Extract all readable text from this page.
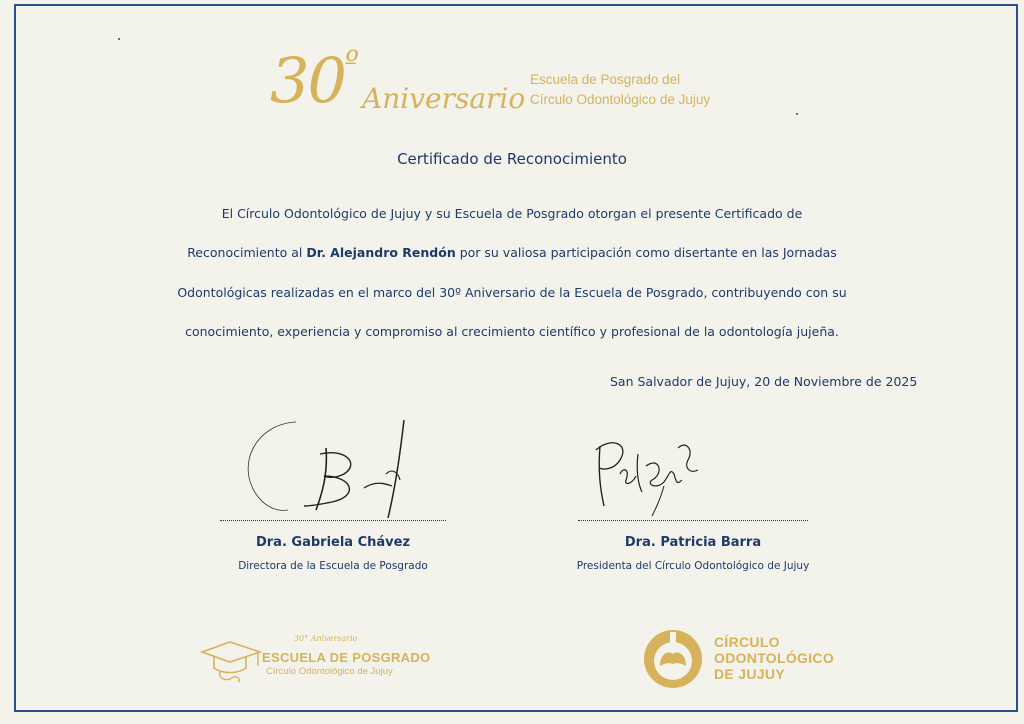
$30^º$
Aniversario
Escuela de Posgrado del
Círculo Odontológico de Jujuy
Certificado de Reconocimiento
El Círculo Odontológico de Jujuy y su Escuela de Posgrado otorgan el presente Certificado de
Reconocimiento al Dr. Alejandro Rendón por su valiosa participación como disertante en las Jornadas
Odontológicas realizadas en el marco del 30º Aniversario de la Escuela de Posgrado, contribuyendo con su
conocimiento, experiencia y compromiso al crecimiento científico y profesional de la odontología jujeña.
San Salvador de Jujuy, 20 de Noviembre de 2025
Dra. Gabriela Chávez
Directora de la Escuela de Posgrado
Dra. Patricia Barra
Presidenta del Círculo Odontológico de Jujuy
30° Aniversario
ESCUELA DE POSGRADO
Círculo Odontológico de Jujuy
CÍRCULO
ODONTOLÓGICO
DE JUJUY
